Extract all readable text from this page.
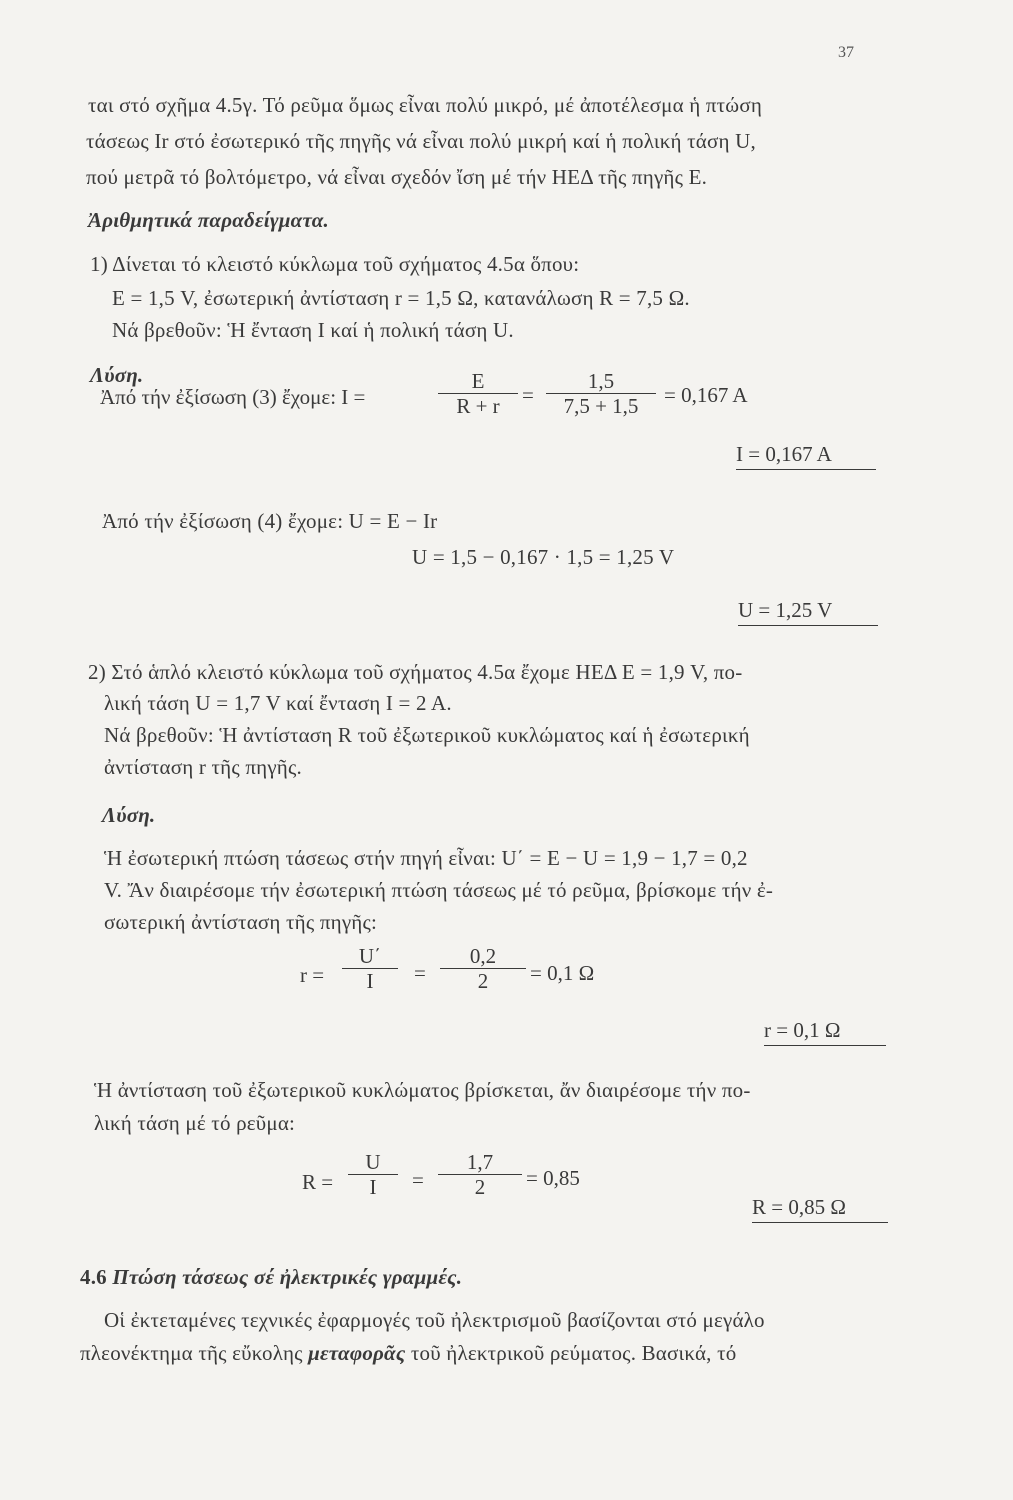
37
ται στό σχῆμα 4.5γ. Τό ρεῦμα ὅμως εἶναι πολύ μικρό, μέ ἀποτέλεσμα ἡ πτώση
τάσεως Ir στό ἐσωτερικό τῆς πηγῆς νά εἶναι πολύ μικρή καί ἡ πολική τάση U,
πού μετρᾶ τό βολτόμετρο, νά εἶναι σχεδόν ἴση μέ τήν ΗΕΔ τῆς πηγῆς Ε.
Ἀριθμητικά παραδείγματα.
1) Δίνεται τό κλειστό κύκλωμα τοῦ σχήματος 4.5α ὅπου:
Ε = 1,5 V, ἐσωτερική ἀντίσταση r = 1,5 Ω, κατανάλωση R = 7,5 Ω.
Νά βρεθοῦν: Ἡ ἔνταση Ι καί ἡ πολική τάση U.
Λύση.
Ἀπό τήν ἐξίσωση (3) ἔχομε: I =
E
R + r	=
1,5
7,5 + 1,5	= 0,167 A
I = 0,167 A
Ἀπό τήν ἐξίσωση (4) ἔχομε: U = E − Ir
U = 1,5 − 0,167 · 1,5 = 1,25 V
U = 1,25 V
2) Στό ἁπλό κλειστό κύκλωμα τοῦ σχήματος 4.5α ἔχομε ΗΕΔ Ε = 1,9 V, πο-
λική τάση U = 1,7 V καί ἔνταση Ι = 2 Α.
Νά βρεθοῦν: Ἡ ἀντίσταση R τοῦ ἐξωτερικοῦ κυκλώματος καί ἡ ἐσωτερική
ἀντίσταση r τῆς πηγῆς.
Λύση.
Ἡ ἐσωτερική πτώση τάσεως στήν πηγή εἶναι: U΄ = E − U = 1,9 − 1,7 = 0,2
V. Ἄν διαιρέσομε τήν ἐσωτερική πτώση τάσεως μέ τό ρεῦμα, βρίσκομε τήν ἐ-
σωτερική ἀντίσταση τῆς πηγῆς:
r =
U΄
I	=
0,2
2	= 0,1 Ω
r = 0,1 Ω
Ἡ ἀντίσταση τοῦ ἐξωτερικοῦ κυκλώματος βρίσκεται, ἄν διαιρέσομε τήν πο-
λική τάση μέ τό ρεῦμα:
R =
U
I	=
1,7
2	= 0,85
R = 0,85 Ω
4.6 Πτώση τάσεως σέ ἠλεκτρικές γραμμές.
Οἱ ἐκτεταμένες τεχνικές ἐφαρμογές τοῦ ἠλεκτρισμοῦ βασίζονται στό μεγάλο
πλεονέκτημα τῆς εὔκολης μεταφορᾶς τοῦ ἠλεκτρικοῦ ρεύματος. Βασικά, τό
